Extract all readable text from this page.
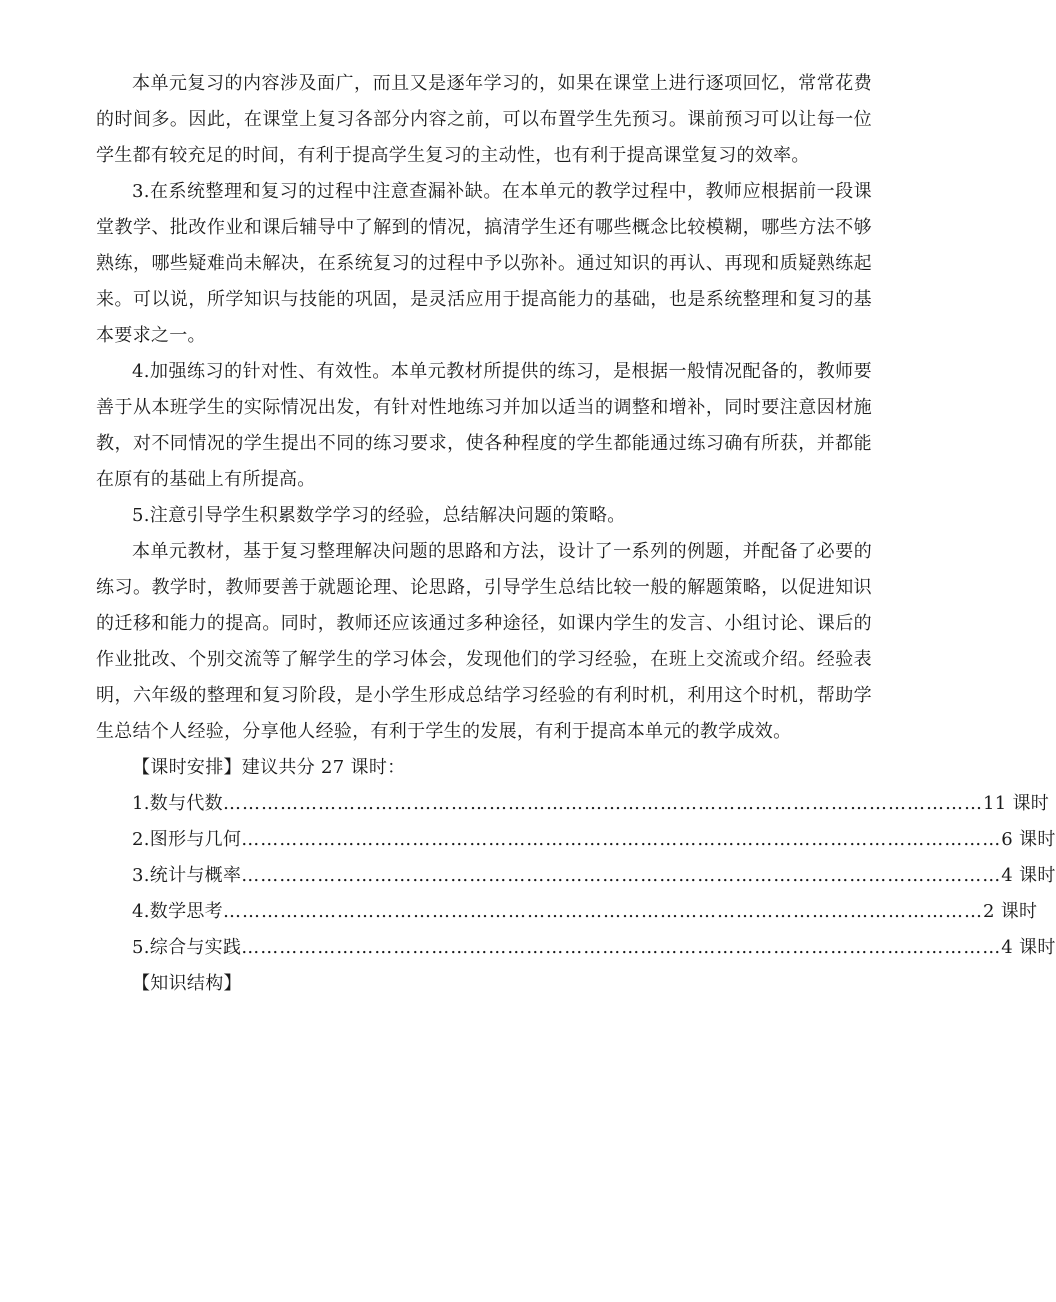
本单元复习的内容涉及面广，而且又是逐年学习的，如果在课堂上进行逐项回忆，常常花费的时间多。因此，在课堂上复习各部分内容之前，可以布置学生先预习。课前预习可以让每一位学生都有较充足的时间，有利于提高学生复习的主动性，也有利于提高课堂复习的效率。

3.在系统整理和复习的过程中注意查漏补缺。在本单元的教学过程中，教师应根据前一段课堂教学、批改作业和课后辅导中了解到的情况，搞清学生还有哪些概念比较模糊，哪些方法不够熟练，哪些疑难尚未解决，在系统复习的过程中予以弥补。通过知识的再认、再现和质疑熟练起来。可以说，所学知识与技能的巩固，是灵活应用于提高能力的基础，也是系统整理和复习的基本要求之一。

4.加强练习的针对性、有效性。本单元教材所提供的练习，是根据一般情况配备的，教师要善于从本班学生的实际情况出发，有针对性地练习并加以适当的调整和增补，同时要注意因材施教，对不同情况的学生提出不同的练习要求，使各种程度的学生都能通过练习确有所获，并都能在原有的基础上有所提高。

5.注意引导学生积累数学学习的经验，总结解决问题的策略。

本单元教材，基于复习整理解决问题的思路和方法，设计了一系列的例题，并配备了必要的练习。教学时，教师要善于就题论理、论思路，引导学生总结比较一般的解题策略，以促进知识的迁移和能力的提高。同时，教师还应该通过多种途径，如课内学生的发言、小组讨论、课后的作业批改、个别交流等了解学生的学习体会，发现他们的学习经验，在班上交流或介绍。经验表明，六年级的整理和复习阶段，是小学生形成总结学习经验的有利时机，利用这个时机，帮助学生总结个人经验，分享他人经验，有利于学生的发展，有利于提高本单元的教学成效。

【课时安排】建议共分 27 课时：

1.数与代数 ………………………………………………………………………………………………………… 11 课时
2.图形与几何 ………………………………………………………………………………………………………… 6 课时
3.统计与概率 ………………………………………………………………………………………………………… 4 课时
4.数学思考 ………………………………………………………………………………………………………… 2 课时
5.综合与实践 ………………………………………………………………………………………………………… 4 课时

【知识结构】
